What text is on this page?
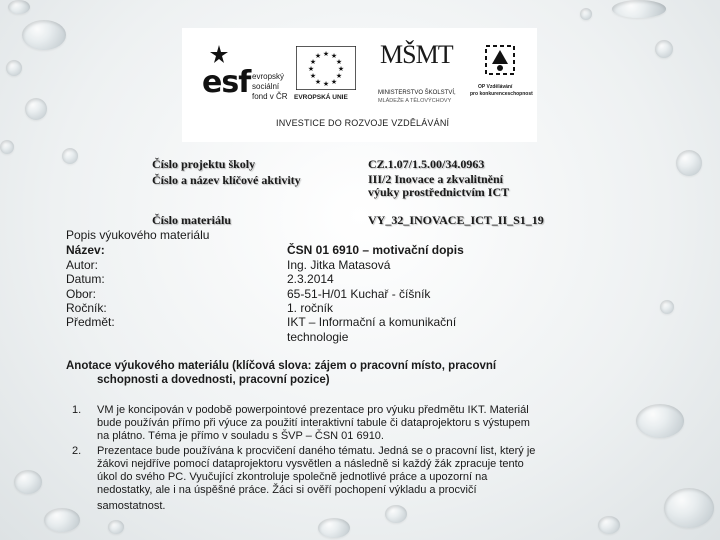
esf evropský
sociální
fond v ČR
★ ★
★
★
★
★
★
★
★
★
★
★
EVROPSKÁ UNIE
MŠMT
MINISTERSTVO ŠKOLSTVÍ,
MLÁDEŽE A TĚLOVÝCHOVY
OP Vzdělávání
pro konkurenceschopnost
INVESTICE DO ROZVOJE VZDĚLÁVÁNÍ
Číslo projektu školy	CZ.1.07/1.5.00/34.0963
Číslo a název klíčové aktivity	III/2 Inovace a zkvalitnění
výuky prostřednictvím ICT
Číslo materiálu	VY_32_INOVACE_ICT_II_S1_19
Popis výukového materiálu
Název:	ČSN 01 6910 – motivační dopis
Autor:	Ing. Jitka Matasová
Datum:	2.3.2014
Obor:	65-51-H/01 Kuchař - číšník
Ročník:	1. ročník
Předmět:	IKT – Informační a komunikační
technologie
Anotace výukového materiálu (klíčová slova: zájem o pracovní místo, pracovní
schopnosti a dovednosti, pracovní pozice)
1. VM je koncipován v podobě powerpointové prezentace pro výuku předmětu IKT. Materiál
bude používán přímo při výuce za použití interaktivní tabule či dataprojektoru s výstupem
na plátno. Téma je přímo v souladu s ŠVP – ČSN 01 6910.
2. Prezentace bude používána k procvičení daného tématu. Jedná se o pracovní list, který je
žákovi nejdříve pomocí dataprojektoru vysvětlen a následně si každý žák zpracuje tento
úkol do svého PC. Vyučující zkontroluje společně jednotlivé práce a upozorní na
nedostatky, ale i na úspěšné práce. Žáci si ověří pochopení výkladu a procvičí
samostatnost.
